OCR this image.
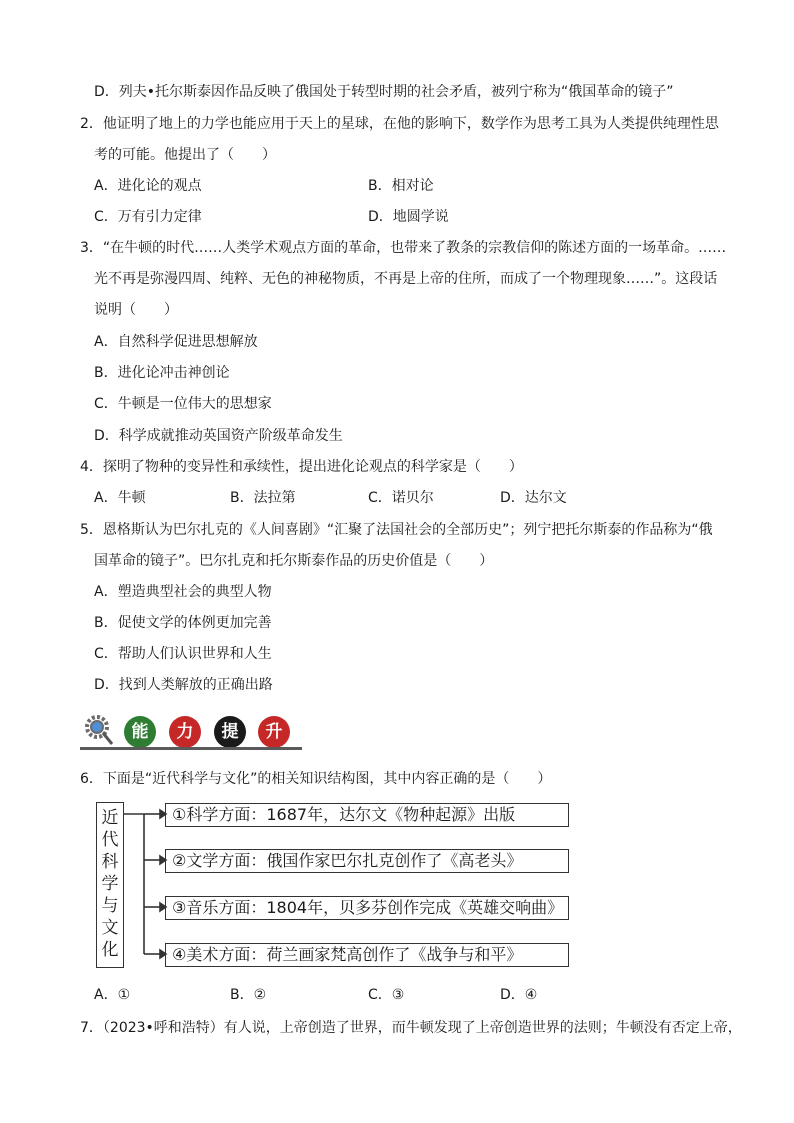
D．列夫•托尔斯泰因作品反映了俄国处于转型时期的社会矛盾，被列宁称为“俄国革命的镜子”
2．他证明了地上的力学也能应用于天上的星球，在他的影响下，数学作为思考工具为人类提供纯理性思
考的可能。他提出了（　　）
A．进化论的观点	B．相对论
C．万有引力定律	D．地圆学说
3．“在牛顿的时代……人类学术观点方面的革命，也带来了教条的宗教信仰的陈述方面的一场革命。……
光不再是弥漫四周、纯粹、无色的神秘物质，不再是上帝的住所，而成了一个物理现象……”。这段话
说明（　　）
A．自然科学促进思想解放
B．进化论冲击神创论
C．牛顿是一位伟大的思想家
D．科学成就推动英国资产阶级革命发生
4．探明了物种的变异性和承续性，提出进化论观点的科学家是（　　）
A．牛顿	B．法拉第	C．诺贝尔	D．达尔文
5．恩格斯认为巴尔扎克的《人间喜剧》“汇聚了法国社会的全部历史”；列宁把托尔斯泰的作品称为“俄
国革命的镜子”。巴尔扎克和托尔斯泰作品的历史价值是（　　）
A．塑造典型社会的典型人物
B．促使文学的体例更加完善
C．帮助人们认识世界和人生
D．找到人类解放的正确出路
能	力	提	升
6．下面是“近代科学与文化”的相关知识结构图，其中内容正确的是（　　）
近
代
科
学
与
文
化
①科学方面：1687年，达尔文《物种起源》出版
②文学方面：俄国作家巴尔扎克创作了《高老头》
③音乐方面：1804年，贝多芬创作完成《英雄交响曲》
④美术方面：荷兰画家梵高创作了《战争与和平》
A．①	B．②	C．③	D．④
7．（2023•呼和浩特）有人说，上帝创造了世界，而牛顿发现了上帝创造世界的法则；牛顿没有否定上帝，
